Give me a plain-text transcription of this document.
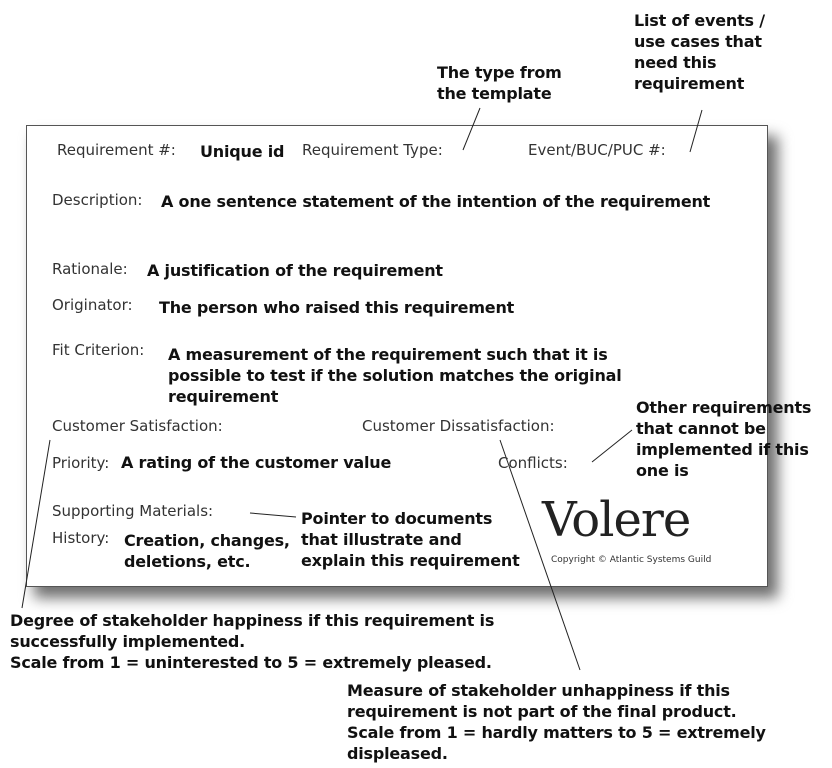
Requirement #: Unique id Requirement Type:	Event/BUC/PUC #:
Description: A one sentence statement of the intention of the requirement
Rationale: A justification of the requirement
Originator: The person who raised this requirement
Fit Criterion: A measurement of the requirement such that it is
possible to test if the solution matches the original
requirement
Customer Satisfaction:	Customer Dissatisfaction:
Priority: A rating of the customer value	Conflicts:
Supporting Materials:
History: Creation, changes,
deletions, etc.
Volere
Copyright © Atlantic Systems Guild
The type from
the template
List of events /
use cases that
need this
requirement
Other requirements
that cannot be
implemented if this
one is
Pointer to documents
that illustrate and
explain this requirement
Degree of stakeholder happiness if this requirement is
successfully implemented.
Scale from 1 = uninterested to 5 = extremely pleased.
Measure of stakeholder unhappiness if this
requirement is not part of the final product.
Scale from 1 = hardly matters to 5 = extremely
displeased.
